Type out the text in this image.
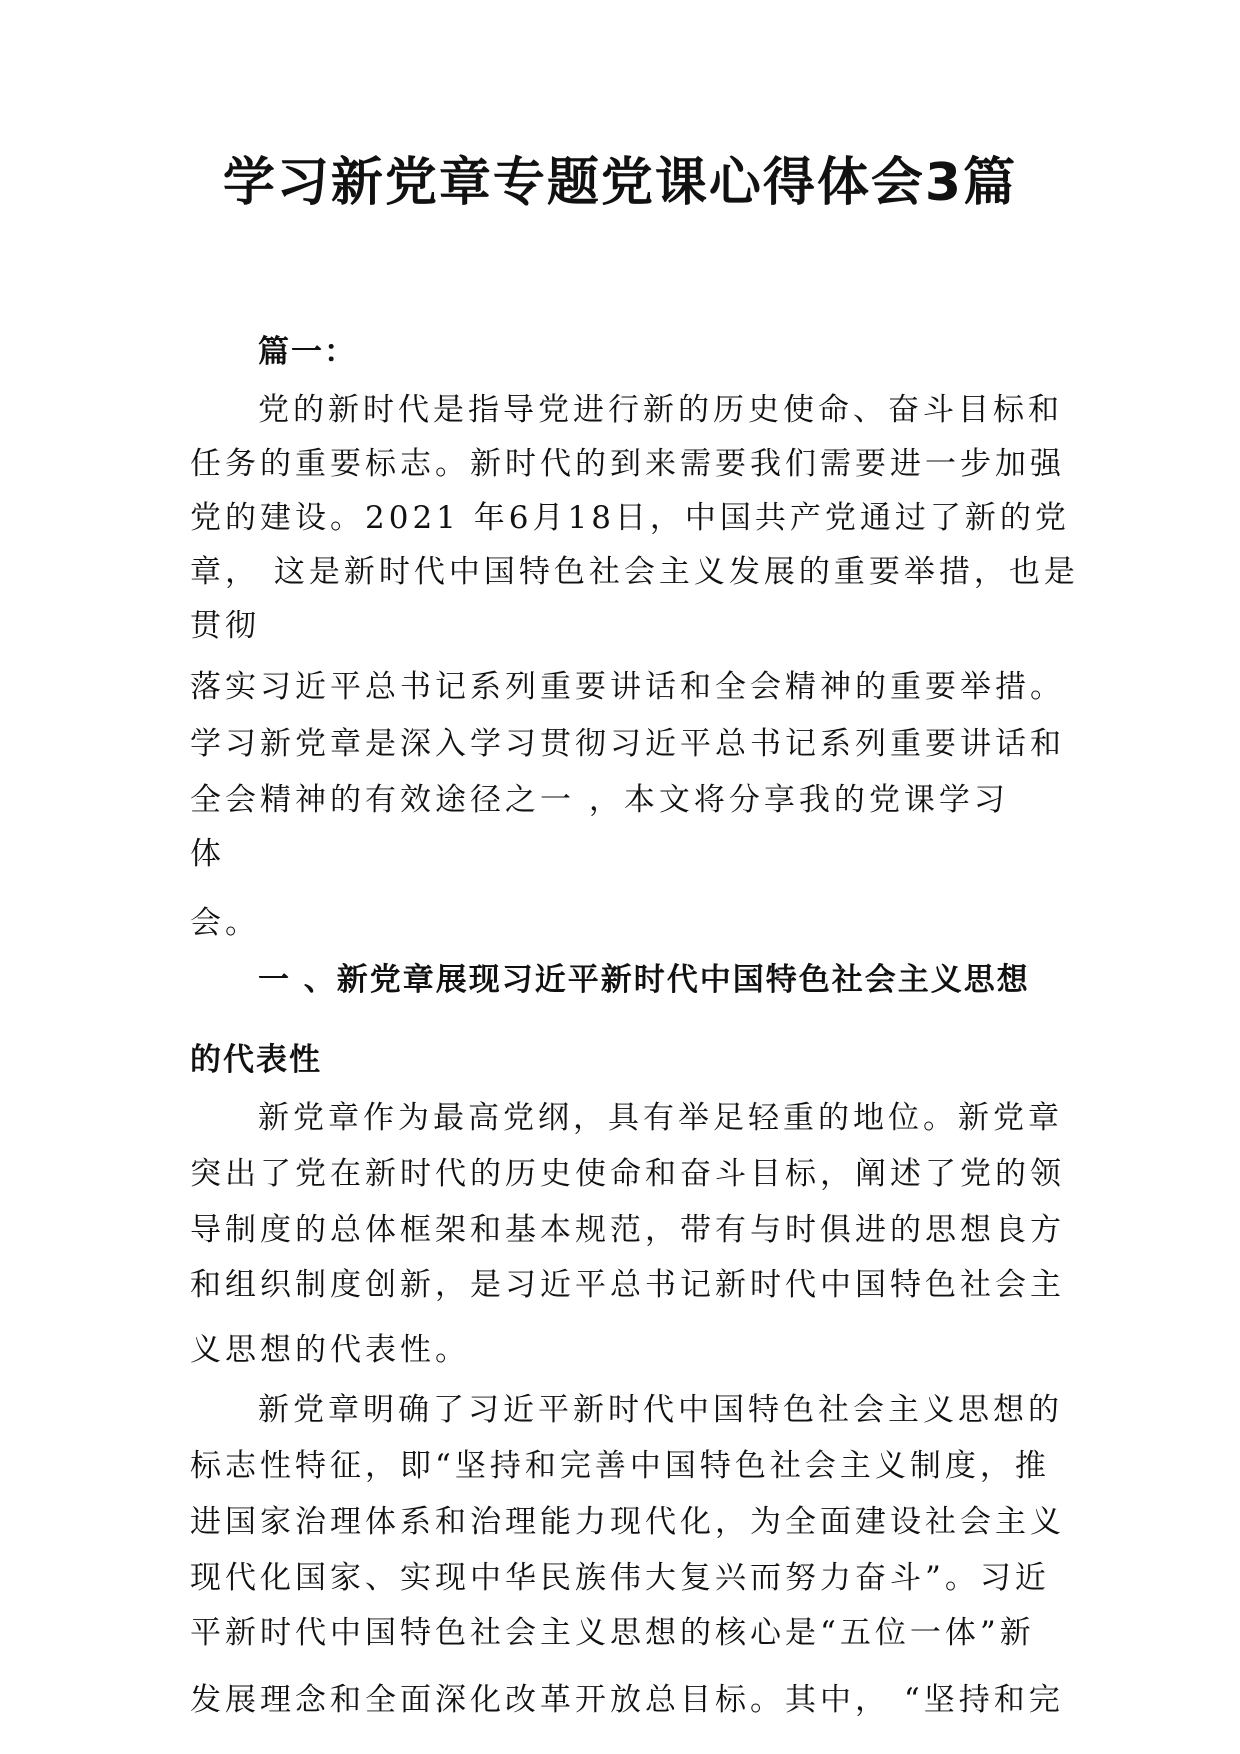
学习新党章专题党课心得体会3篇
篇一：
党的新时代是指导党进行新的历史使命、奋斗目标和
任务的重要标志。新时代的到来需要我们需要进一步加强
党的建设。2021 年6月18日，中国共产党通过了新的党
章， 这是新时代中国特色社会主义发展的重要举措，也是
贯彻
落实习近平总书记系列重要讲话和全会精神的重要举措。
学习新党章是深入学习贯彻习近平总书记系列重要讲话和
全会精神的有效途径之一 ，本文将分享我的党课学习
体
会。
一 、新党章展现习近平新时代中国特色社会主义思想
的代表性
新党章作为最高党纲，具有举足轻重的地位。新党章
突出了党在新时代的历史使命和奋斗目标，阐述了党的领
导制度的总体框架和基本规范，带有与时俱进的思想良方
和组织制度创新，是习近平总书记新时代中国特色社会主
义思想的代表性。
新党章明确了习近平新时代中国特色社会主义思想的
标志性特征，即“坚持和完善中国特色社会主义制度，推
进国家治理体系和治理能力现代化，为全面建设社会主义
现代化国家、实现中华民族伟大复兴而努力奋斗”。习近
平新时代中国特色社会主义思想的核心是“五位一体”新
发展理念和全面深化改革开放总目标。其中， “坚持和完
